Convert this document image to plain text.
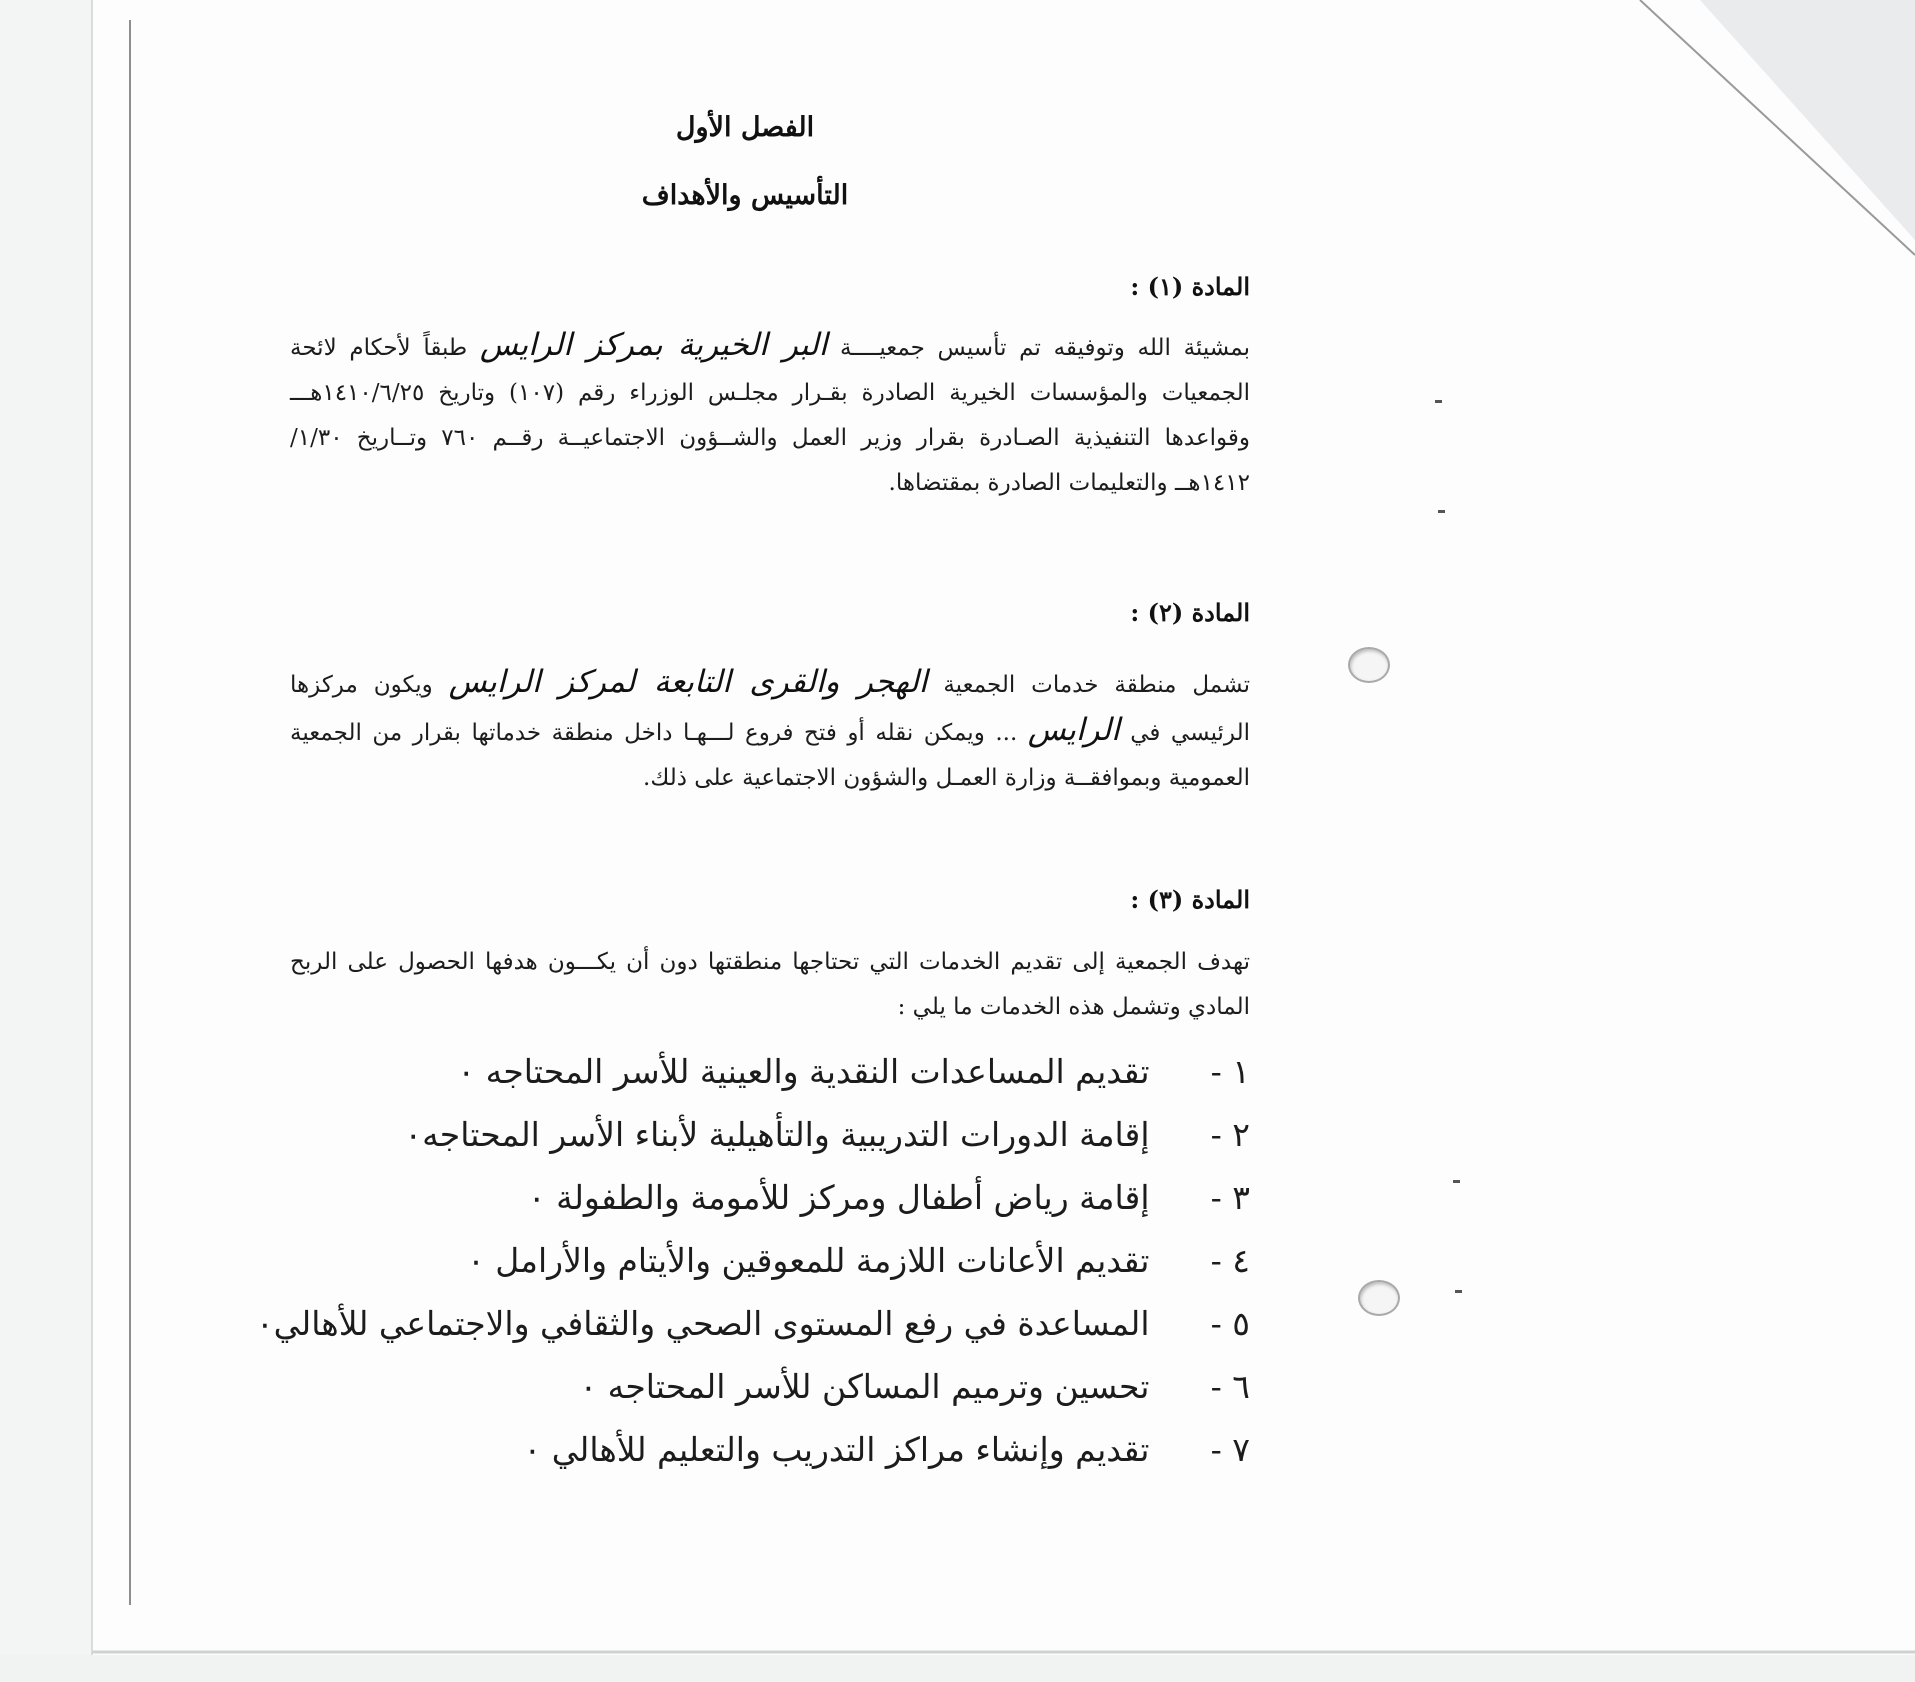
الفصل الأول
التأسيس والأهداف
المادة (١) :
بمشيئة الله وتوفيقه تم تأسيس جمعيــــة البر الخيرية بمركز الرايس طبقاً لأحكام لائحة الجمعيات والمؤسسات الخيرية الصادرة بقـرار مجلـس الوزراء رقم (١٠٧) وتاريخ ١٤١٠/٦/٢٥هـــ وقواعدها التنفيذية الصـادرة بقرار وزير العمل والشــؤون الاجتماعيــة رقــم ٧٦٠ وتــاريخ ١/٣٠/ ١٤١٢هــ والتعليمات الصادرة بمقتضاها.
المادة (٢) :
تشمل منطقة خدمات الجمعية الهجر والقرى التابعة لمركز الرايس ويكون مركزها الرئيسي في الرايس ... ويمكن نقله أو فتح فروع لـــهـا داخل منطقة خدماتها بقرار من الجمعية العمومية وبموافقــة وزارة العمـل والشؤون الاجتماعية على ذلك.
المادة (٣) :
تهدف الجمعية إلى تقديم الخدمات التي تحتاجها منطقتها دون أن يكـــون هدفها الحصول على الربح المادي وتشمل هذه الخدمات ما يلي :
١ - تقديم المساعدات النقدية والعينية للأسر المحتاجه ٠
٢ - إقامة الدورات التدريبية والتأهيلية لأبناء الأسر المحتاجه٠
٣ - إقامة رياض أطفال ومركز للأمومة والطفولة ٠
٤ - تقديم الأعانات اللازمة للمعوقين والأيتام والأرامل ٠
٥ - المساعدة في رفع المستوى الصحي والثقافي والاجتماعي للأهالي٠
٦ - تحسين وترميم المساكن للأسر المحتاجه ٠
٧ - تقديم وإنشاء مراكز التدريب والتعليم للأهالي ٠
